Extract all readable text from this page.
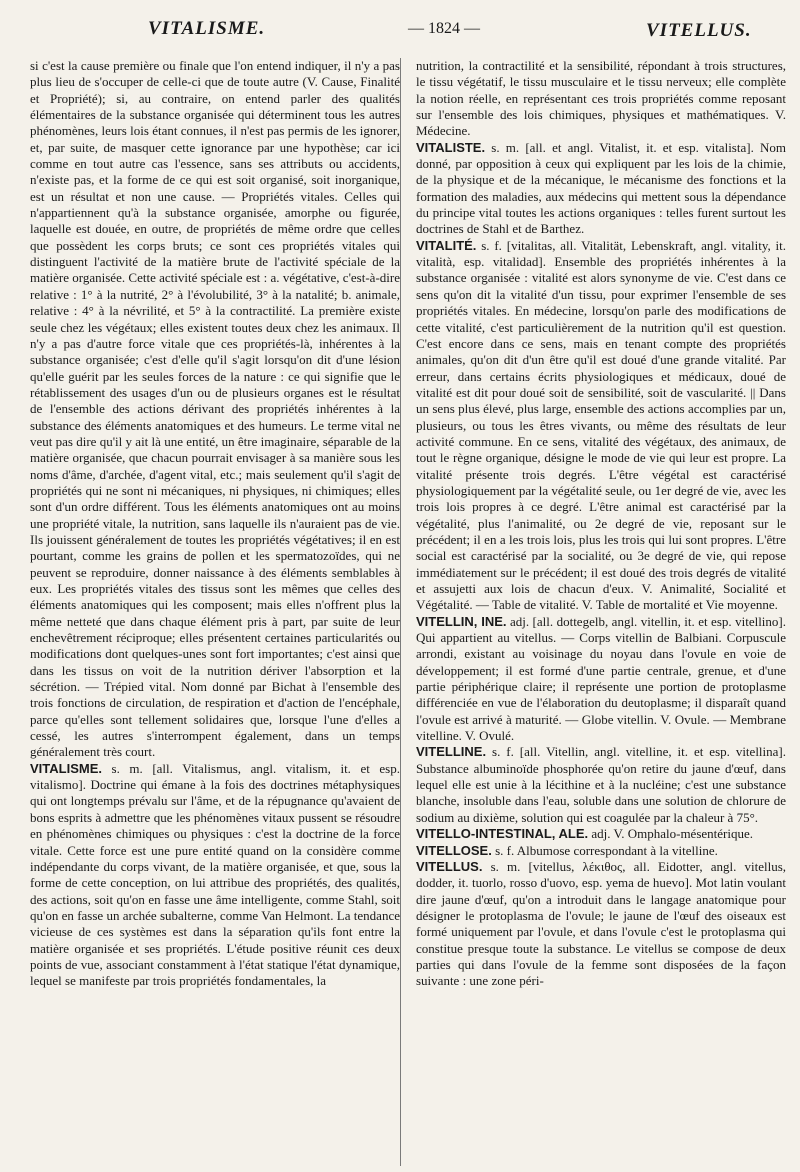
VITALISME.	— 1824 —	VITELLUS.

si c'est la cause première ou finale que l'on entend indiquer, il n'y a pas plus lieu de s'occuper de celle-ci que de toute autre (V. Cause, Finalité et Propriété); si, au contraire, on entend parler des qualités élémentaires de la substance organisée qui déterminent tous les autres phénomènes, leurs lois étant connues, il n'est pas permis de les ignorer, et, par suite, de masquer cette ignorance par une hypothèse; car ici comme en tout autre cas l'essence, sans ses attributs ou accidents, n'existe pas, et la forme de ce qui est soit organisé, soit inorganique, est un résultat et non une cause. — Propriétés vitales. Celles qui n'appartiennent qu'à la substance organisée, amorphe ou figurée, laquelle est douée, en outre, de propriétés de même ordre que celles que possèdent les corps bruts; ce sont ces propriétés vitales qui distinguent l'activité de la matière brute de l'activité spéciale de la matière organisée. Cette activité spéciale est : a. végétative, c'est-à-dire relative : 1° à la nutrité, 2° à l'évolubilité, 3° à la natalité; b. animale, relative : 4° à la névrilité, et 5° à la contractilité. La première existe seule chez les végétaux; elles existent toutes deux chez les animaux. Il n'y a pas d'autre force vitale que ces propriétés-là, inhérentes à la substance organisée; c'est d'elle qu'il s'agit lorsqu'on dit d'une lésion qu'elle guérit par les seules forces de la nature : ce qui signifie que le rétablissement des usages d'un ou de plusieurs organes est le résultat de l'ensemble des actions dérivant des propriétés inhérentes à la substance des éléments anatomiques et des humeurs. Le terme vital ne veut pas dire qu'il y ait là une entité, un être imaginaire, séparable de la matière organisée, que chacun pourrait envisager à sa manière sous les noms d'âme, d'archée, d'agent vital, etc.; mais seulement qu'il s'agit de propriétés qui ne sont ni mécaniques, ni physiques, ni chimiques; elles sont d'un ordre différent. Tous les éléments anatomiques ont au moins une propriété vitale, la nutrition, sans laquelle ils n'auraient pas de vie. Ils jouissent généralement de toutes les propriétés végétatives; il en est pourtant, comme les grains de pollen et les spermatozoïdes, qui ne peuvent se reproduire, donner naissance à des éléments semblables à eux. Les propriétés vitales des tissus sont les mêmes que celles des éléments anatomiques qui les composent; mais elles n'offrent plus la même netteté que dans chaque élément pris à part, par suite de leur enchevêtrement réciproque; elles présentent certaines particularités ou modifications dont quelques-unes sont fort importantes; c'est ainsi que dans les tissus on voit de la nutrition dériver l'absorption et la sécrétion. — Trépied vital. Nom donné par Bichat à l'ensemble des trois fonctions de circulation, de respiration et d'action de l'encéphale, parce qu'elles sont tellement solidaires que, lorsque l'une d'elles a cessé, les autres s'interrompent également, dans un temps généralement très court.

VITALISME. s. m. [all. Vitalismus, angl. vitalism, it. et esp. vitalismo]. Doctrine qui émane à la fois des doctrines métaphysiques qui ont longtemps prévalu sur l'âme, et de la répugnance qu'avaient de bons esprits à admettre que les phénomènes vitaux pussent se résoudre en phénomènes chimiques ou physiques : c'est la doctrine de la force vitale. Cette force est une pure entité quand on la considère comme indépendante du corps vivant, de la matière organisée, et que, sous la forme de cette conception, on lui attribue des propriétés, des qualités, des actions, soit qu'on en fasse une âme intelligente, comme Stahl, soit qu'on en fasse un archée subalterne, comme Van Helmont. La tendance vicieuse de ces systèmes est dans la séparation qu'ils font entre la matière organisée et ses propriétés. L'étude positive réunit ces deux points de vue, associant constamment à l'état statique l'état dynamique, lequel se manifeste par trois propriétés fondamentales, la

nutrition, la contractilité et la sensibilité, répondant à trois structures, le tissu végétatif, le tissu musculaire et le tissu nerveux; elle complète la notion réelle, en représentant ces trois propriétés comme reposant sur l'ensemble des lois chimiques, physiques et mathématiques. V. Médecine.

VITALISTE. s. m. [all. et angl. Vitalist, it. et esp. vitalista]. Nom donné, par opposition à ceux qui expliquent par les lois de la chimie, de la physique et de la mécanique, le mécanisme des fonctions et la formation des maladies, aux médecins qui mettent sous la dépendance du principe vital toutes les actions organiques : telles furent surtout les doctrines de Stahl et de Barthez.

VITALITÉ. s. f. [vitalitas, all. Vitalität, Lebenskraft, angl. vitality, it. vitalità, esp. vitalidad]. Ensemble des propriétés inhérentes à la substance organisée : vitalité est alors synonyme de vie. C'est dans ce sens qu'on dit la vitalité d'un tissu, pour exprimer l'ensemble de ses propriétés vitales. En médecine, lorsqu'on parle des modifications de cette vitalité, c'est particulièrement de la nutrition qu'il est question. C'est encore dans ce sens, mais en tenant compte des propriétés animales, qu'on dit d'un être qu'il est doué d'une grande vitalité. Par erreur, dans certains écrits physiologiques et médicaux, doué de vitalité est dit pour doué soit de sensibilité, soit de vascularité. || Dans un sens plus élevé, plus large, ensemble des actions accomplies par un, plusieurs, ou tous les êtres vivants, ou même des résultats de leur activité commune. En ce sens, vitalité des végétaux, des animaux, de tout le règne organique, désigne le mode de vie qui leur est propre. La vitalité présente trois degrés. L'être végétal est caractérisé physiologiquement par la végétalité seule, ou 1er degré de vie, avec les trois lois propres à ce degré. L'être animal est caractérisé par la végétalité, plus l'animalité, ou 2e degré de vie, reposant sur le précédent; il en a les trois lois, plus les trois qui lui sont propres. L'être social est caractérisé par la socialité, ou 3e degré de vie, qui repose immédiatement sur le précédent; il est doué des trois degrés de vitalité et assujetti aux lois de chacun d'eux. V. Animalité, Socialité et Végétalité. — Table de vitalité. V. Table de mortalité et Vie moyenne.

VITELLIN, INE. adj. [all. dottegelb, angl. vitellin, it. et esp. vitellino]. Qui appartient au vitellus. — Corps vitellin de Balbiani. Corpuscule arrondi, existant au voisinage du noyau dans l'ovule en voie de développement; il est formé d'une partie centrale, grenue, et d'une partie périphérique claire; il représente une portion de protoplasme différenciée en vue de l'élaboration du deutoplasme; il disparaît quand l'ovule est arrivé à maturité. — Globe vitellin. V. Ovule. — Membrane vitelline. V. Ovulé.

VITELLINE. s. f. [all. Vitellin, angl. vitelline, it. et esp. vitellina]. Substance albuminoïde phosphorée qu'on retire du jaune d'œuf, dans lequel elle est unie à la lécithine et à la nucléine; c'est une substance blanche, insoluble dans l'eau, soluble dans une solution de chlorure de sodium au dixième, solution qui est coagulée par la chaleur à 75°.

VITELLO-INTESTINAL, ALE. adj. V. Omphalo-mésentérique.

VITELLOSE. s. f. Albumose correspondant à la vitelline.

VITELLUS. s. m. [vitellus, λέκιθος, all. Eidotter, angl. vitellus, dodder, it. tuorlo, rosso d'uovo, esp. yema de huevo]. Mot latin voulant dire jaune d'œuf, qu'on a introduit dans le langage anatomique pour désigner le protoplasma de l'ovule; le jaune de l'œuf des oiseaux est formé uniquement par l'ovule, et dans l'ovule c'est le protoplasma qui constitue presque toute la substance. Le vitellus se compose de deux parties qui dans l'ovule de la femme sont disposées de la façon suivante : une zone péri-
